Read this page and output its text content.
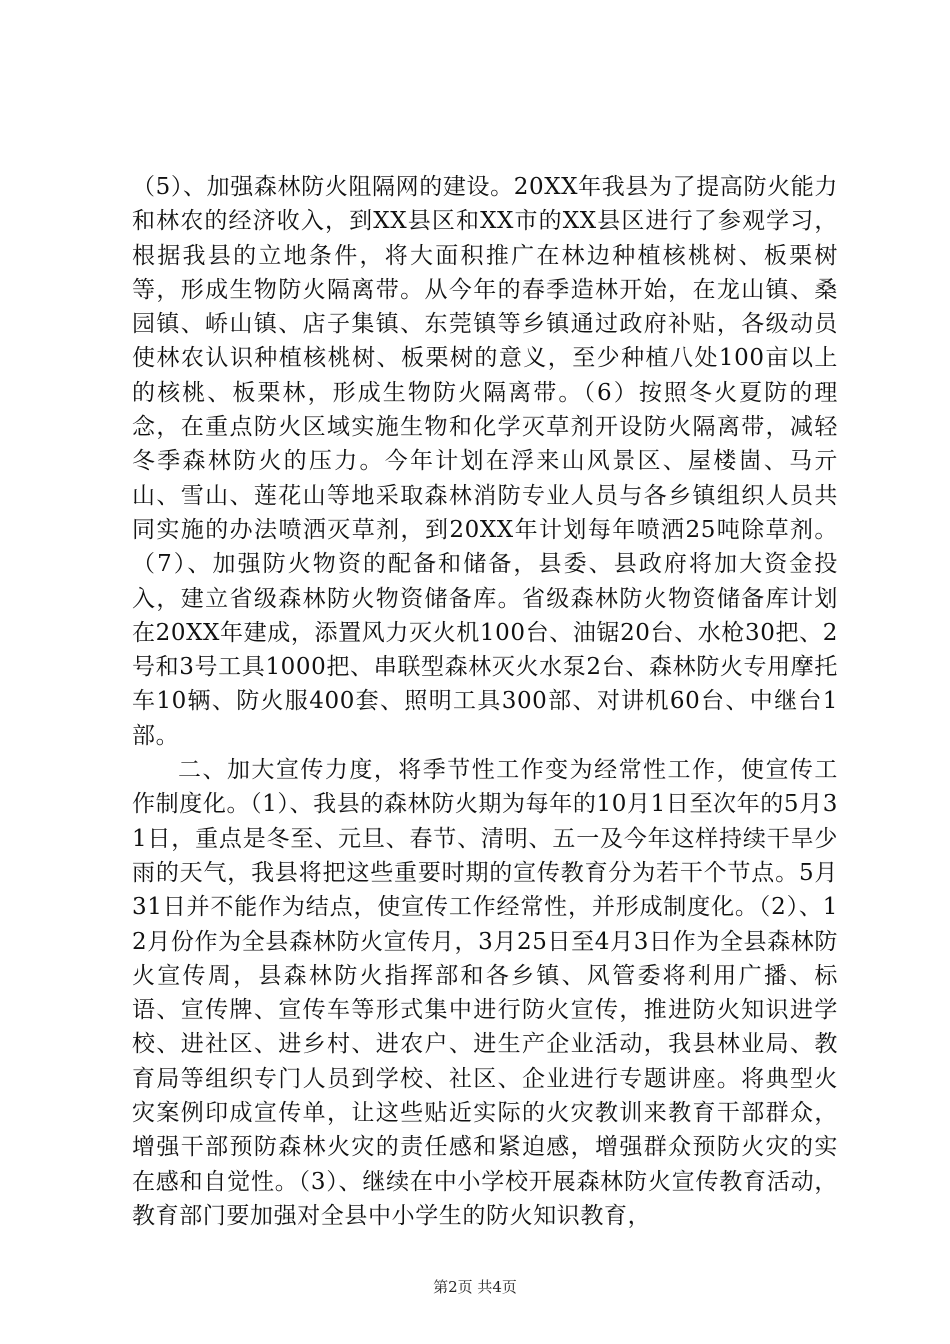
（5）、加强森林防火阻隔网的建设。20XX年我县为了提高防火能力和林农的经济收入，到XX县区和XX市的XX县区进行了参观学习，根据我县的立地条件，将大面积推广在林边种植核桃树、板栗树等，形成生物防火隔离带。从今年的春季造林开始，在龙山镇、桑园镇、峤山镇、店子集镇、东莞镇等乡镇通过政府补贴，各级动员使林农认识种植核桃树、板栗树的意义，至少种植八处100亩以上的核桃、板栗林，形成生物防火隔离带。（6）按照冬火夏防的理念，在重点防火区域实施生物和化学灭草剂开设防火隔离带，减轻冬季森林防火的压力。今年计划在浮来山风景区、屋楼崮、马亓山、雪山、莲花山等地采取森林消防专业人员与各乡镇组织人员共同实施的办法喷洒灭草剂，到20XX年计划每年喷洒25吨除草剂。（7）、加强防火物资的配备和储备，县委、县政府将加大资金投入，建立省级森林防火物资储备库。省级森林防火物资储备库计划在20XX年建成，添置风力灭火机100台、油锯20台、水枪30把、2号和3号工具1000把、串联型森林灭火水泵2台、森林防火专用摩托车10辆、防火服400套、照明工具300部、对讲机60台、中继台1部。

二、加大宣传力度，将季节性工作变为经常性工作，使宣传工作制度化。（1）、我县的森林防火期为每年的10月1日至次年的5月31日，重点是冬至、元旦、春节、清明、五一及今年这样持续干旱少雨的天气，我县将把这些重要时期的宣传教育分为若干个节点。5月31日并不能作为结点，使宣传工作经常性，并形成制度化。（2）、12月份作为全县森林防火宣传月，3月25日至4月3日作为全县森林防火宣传周，县森林防火指挥部和各乡镇、风管委将利用广播、标语、宣传牌、宣传车等形式集中进行防火宣传，推进防火知识进学校、进社区、进乡村、进农户、进生产企业活动，我县林业局、教育局等组织专门人员到学校、社区、企业进行专题讲座。将典型火灾案例印成宣传单，让这些贴近实际的火灾教训来教育干部群众，增强干部预防森林火灾的责任感和紧迫感，增强群众预防火灾的实在感和自觉性。（3）、继续在中小学校开展森林防火宣传教育活动，教育部门要加强对全县中小学生的防火知识教育，

第2页 共4页
